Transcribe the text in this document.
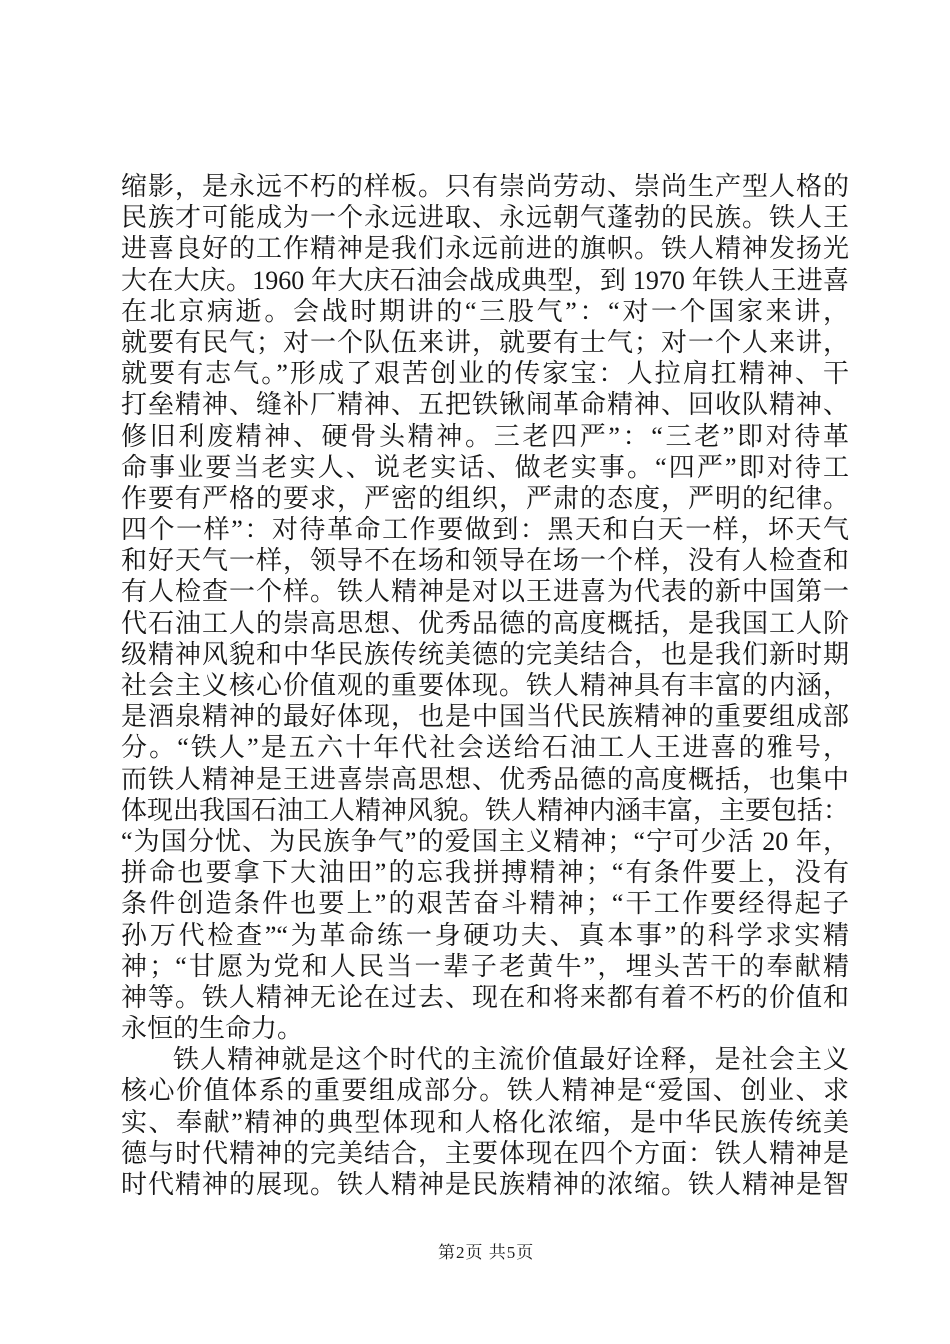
缩影，是永远不朽的样板。只有崇尚劳动、崇尚生产型人格的
民族才可能成为一个永远进取、永远朝气蓬勃的民族。铁人王
进喜良好的工作精神是我们永远前进的旗帜。铁人精神发扬光
大在大庆。1960 年大庆石油会战成典型，到 1970 年铁人王进喜
在北京病逝。会战时期讲的“三股气”：“对一个国家来讲，
就要有民气；对一个队伍来讲，就要有士气；对一个人来讲，
就要有志气。”形成了艰苦创业的传家宝：人拉肩扛精神、干
打垒精神、缝补厂精神、五把铁锹闹革命精神、回收队精神、
修旧利废精神、硬骨头精神。三老四严”：“三老”即对待革
命事业要当老实人、说老实话、做老实事。“四严”即对待工
作要有严格的要求，严密的组织，严肃的态度，严明的纪律。
四个一样”：对待革命工作要做到：黑天和白天一样，坏天气
和好天气一样，领导不在场和领导在场一个样，没有人检查和
有人检查一个样。铁人精神是对以王进喜为代表的新中国第一
代石油工人的崇高思想、优秀品德的高度概括，是我国工人阶
级精神风貌和中华民族传统美德的完美结合，也是我们新时期
社会主义核心价值观的重要体现。铁人精神具有丰富的内涵，
是酒泉精神的最好体现，也是中国当代民族精神的重要组成部
分。“铁人”是五六十年代社会送给石油工人王进喜的雅号，
而铁人精神是王进喜崇高思想、优秀品德的高度概括，也集中
体现出我国石油工人精神风貌。铁人精神内涵丰富，主要包括：
“为国分忧、为民族争气”的爱国主义精神；“宁可少活 20 年，
拼命也要拿下大油田”的忘我拼搏精神；“有条件要上，没有
条件创造条件也要上”的艰苦奋斗精神；“干工作要经得起子
孙万代检查”“为革命练一身硬功夫、真本事”的科学求实精
神；“甘愿为党和人民当一辈子老黄牛”，埋头苦干的奉献精
神等。铁人精神无论在过去、现在和将来都有着不朽的价值和
永恒的生命力。
铁人精神就是这个时代的主流价值最好诠释，是社会主义
核心价值体系的重要组成部分。铁人精神是“爱国、创业、求
实、奉献”精神的典型体现和人格化浓缩，是中华民族传统美
德与时代精神的完美结合，主要体现在四个方面：铁人精神是
时代精神的展现。铁人精神是民族精神的浓缩。铁人精神是智
第2页 共5页
